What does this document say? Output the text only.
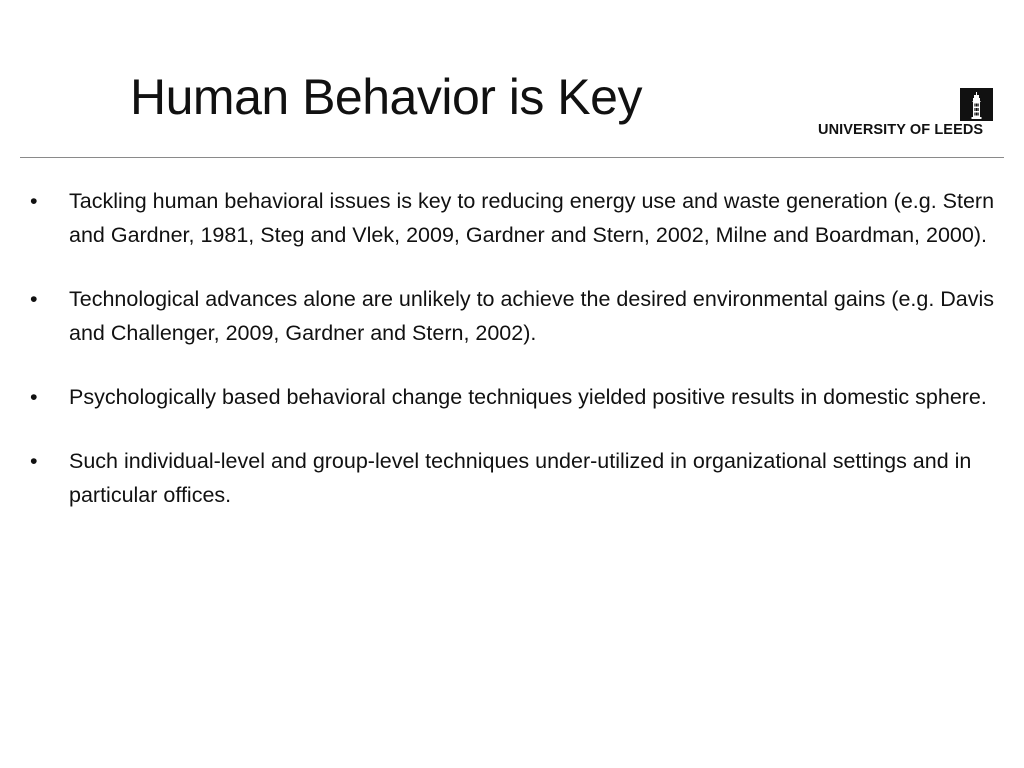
Human Behavior is Key
UNIVERSITY OF LEEDS
•	Tackling human behavioral issues is key to reducing energy use and waste generation (e.g. Stern and Gardner, 1981, Steg and Vlek, 2009, Gardner and Stern, 2002, Milne and Boardman, 2000).
•	Technological advances alone are unlikely to achieve the desired environmental gains (e.g. Davis and Challenger, 2009, Gardner and Stern, 2002).
•	Psychologically based behavioral change techniques yielded positive results in domestic sphere.
•	Such individual-level and group-level techniques under-utilized in organizational settings and in particular offices.
